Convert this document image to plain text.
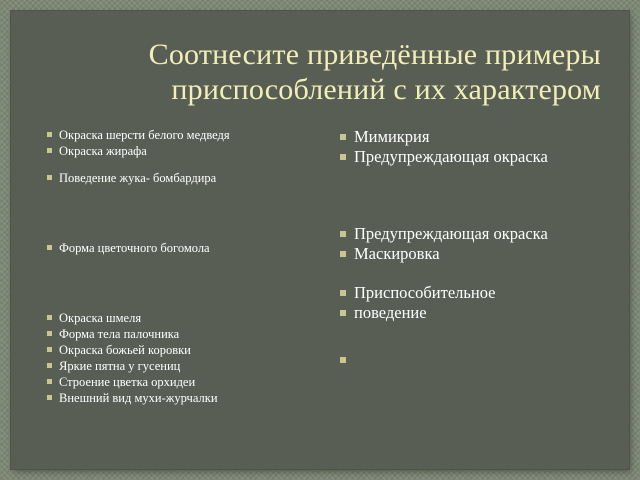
Соотнесите приведённые примеры
приспособлений с их характером
Окраска шерсти белого медведя
Окраска жирафа
Поведение жука- бомбардира
Форма цветочного богомола
Окраска шмеля
Форма тела палочника
Окраска божьей коровки
Яркие пятна у гусениц
Строение цветка орхидеи
Внешний вид мухи-журчалки
Мимикрия
Предупреждающая окраска
Предупреждающая окраска
Маскировка
Приспособительное
поведение
